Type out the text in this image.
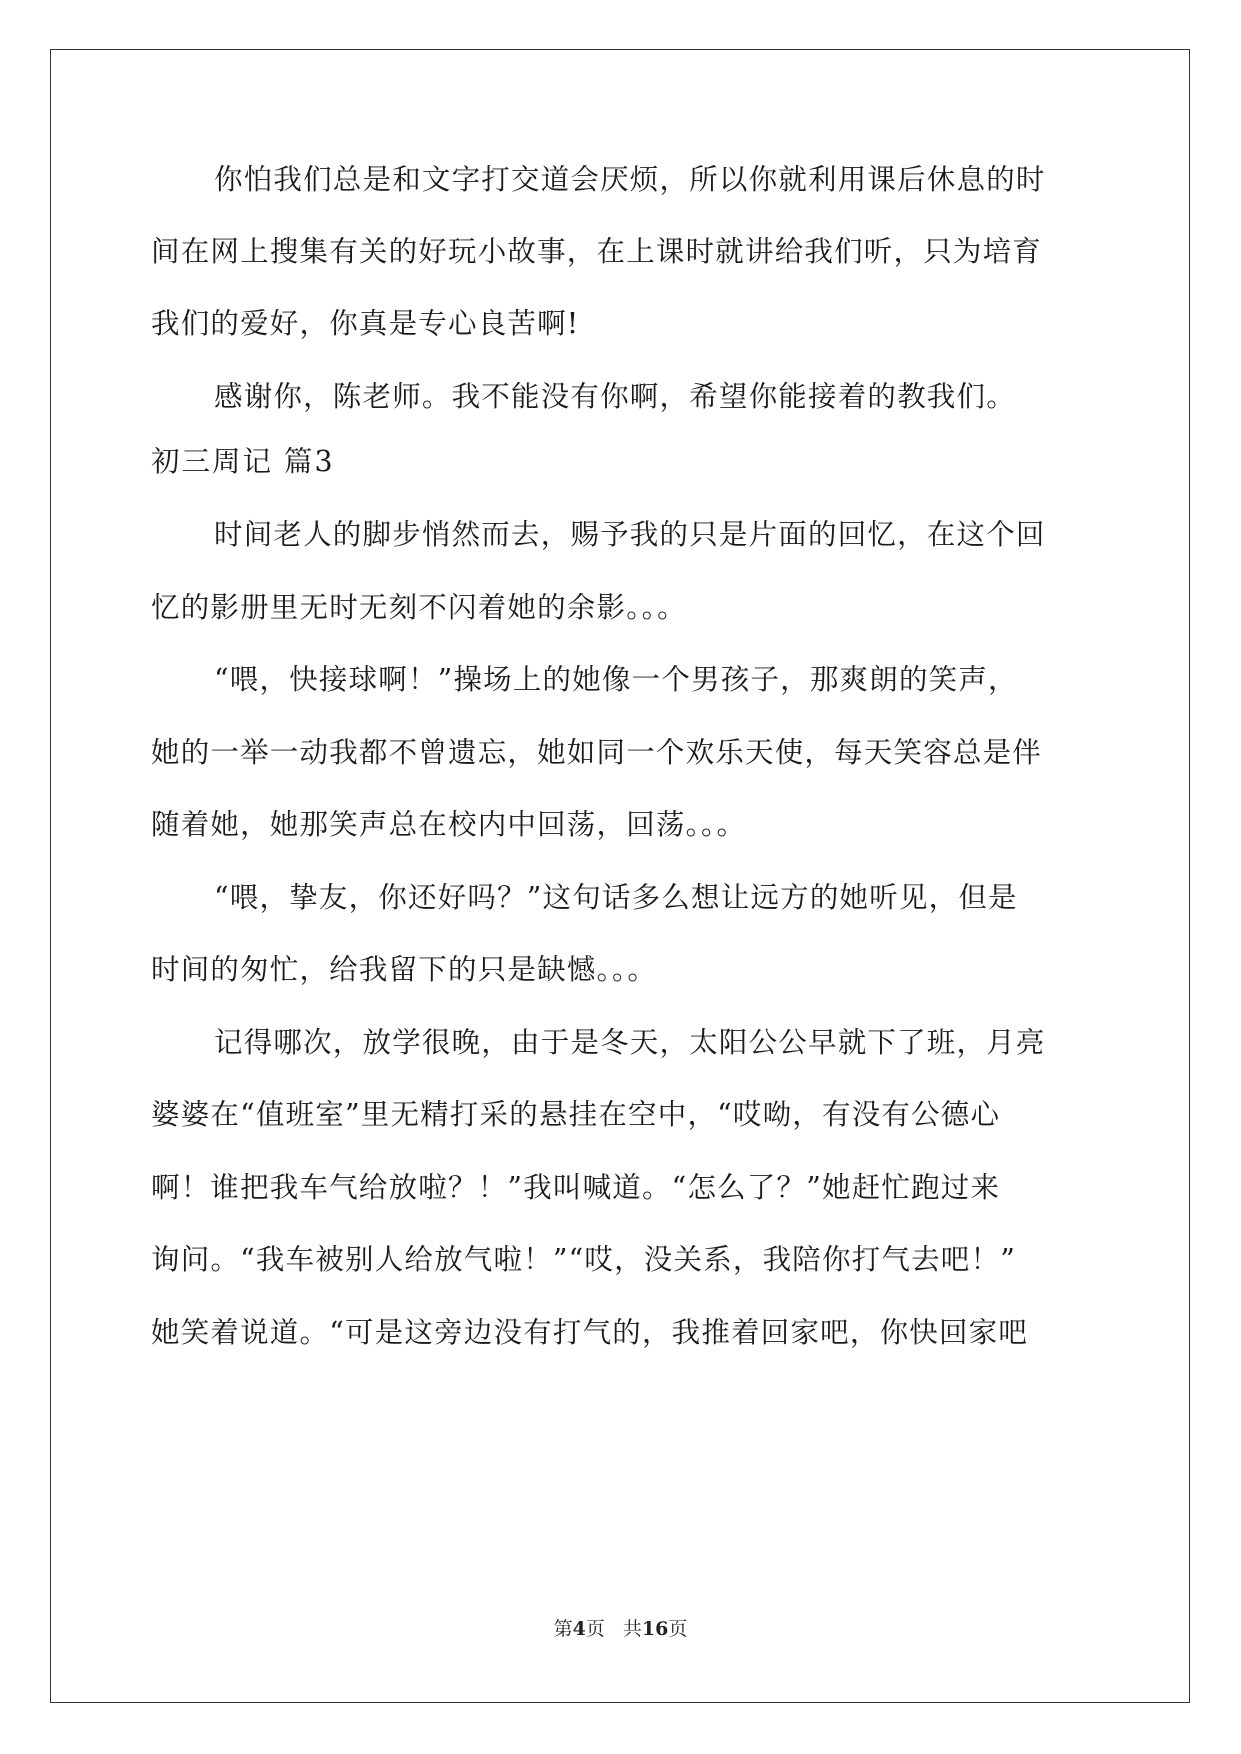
你怕我们总是和文字打交道会厌烦，所以你就利用课后休息的时
间在网上搜集有关的好玩小故事，在上课时就讲给我们听，只为培育
我们的爱好，你真是专心良苦啊!
感谢你，陈老师。我不能没有你啊，希望你能接着的教我们。
初三周记 篇3
时间老人的脚步悄然而去，赐予我的只是片面的回忆，在这个回
忆的影册里无时无刻不闪着她的余影。。。
“喂，快接球啊！”操场上的她像一个男孩子，那爽朗的笑声，
她的一举一动我都不曾遗忘，她如同一个欢乐天使，每天笑容总是伴
随着她，她那笑声总在校内中回荡，回荡。。。
“喂，挚友，你还好吗？”这句话多么想让远方的她听见，但是
时间的匆忙，给我留下的只是缺憾。。。
记得哪次，放学很晚，由于是冬天，太阳公公早就下了班，月亮
婆婆在“值班室”里无精打采的悬挂在空中，“哎呦，有没有公德心
啊！谁把我车气给放啦？！”我叫喊道。“怎么了？”她赶忙跑过来
询问。“我车被别人给放气啦！”“哎，没关系，我陪你打气去吧！”
她笑着说道。“可是这旁边没有打气的，我推着回家吧，你快回家吧
第4页 共16页
